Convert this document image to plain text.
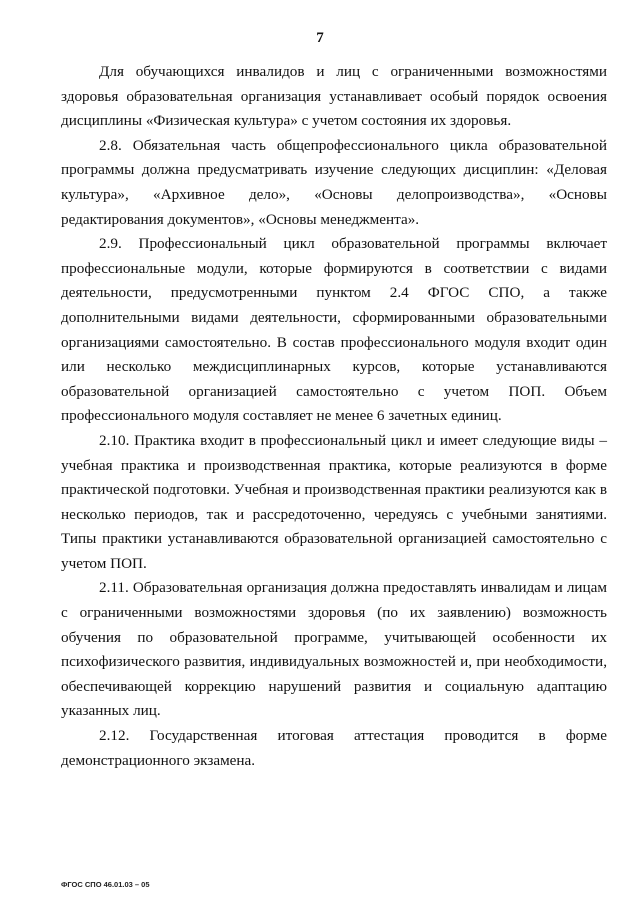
7

Для обучающихся инвалидов и лиц с ограниченными возможностями здоровья образовательная организация устанавливает особый порядок освоения дисциплины «Физическая культура» с учетом состояния их здоровья.

2.8. Обязательная часть общепрофессионального цикла образовательной программы должна предусматривать изучение следующих дисциплин: «Деловая культура», «Архивное дело», «Основы делопроизводства», «Основы редактирования документов», «Основы менеджмента».

2.9. Профессиональный цикл образовательной программы включает профессиональные модули, которые формируются в соответствии с видами деятельности, предусмотренными пунктом 2.4 ФГОС СПО, а также дополнительными видами деятельности, сформированными образовательными организациями самостоятельно. В состав профессионального модуля входит один или несколько междисциплинарных курсов, которые устанавливаются образовательной организацией самостоятельно с учетом ПОП. Объем профессионального модуля составляет не менее 6 зачетных единиц.

2.10. Практика входит в профессиональный цикл и имеет следующие виды – учебная практика и производственная практика, которые реализуются в форме практической подготовки. Учебная и производственная практики реализуются как в несколько периодов, так и рассредоточенно, чередуясь с учебными занятиями. Типы практики устанавливаются образовательной организацией самостоятельно с учетом ПОП.

2.11. Образовательная организация должна предоставлять инвалидам и лицам с ограниченными возможностями здоровья (по их заявлению) возможность обучения по образовательной программе, учитывающей особенности их психофизического развития, индивидуальных возможностей и, при необходимости, обеспечивающей коррекцию нарушений развития и социальную адаптацию указанных лиц.

2.12. Государственная итоговая аттестация проводится в форме демонстрационного экзамена.

ФГОС СПО 46.01.03 – 05
